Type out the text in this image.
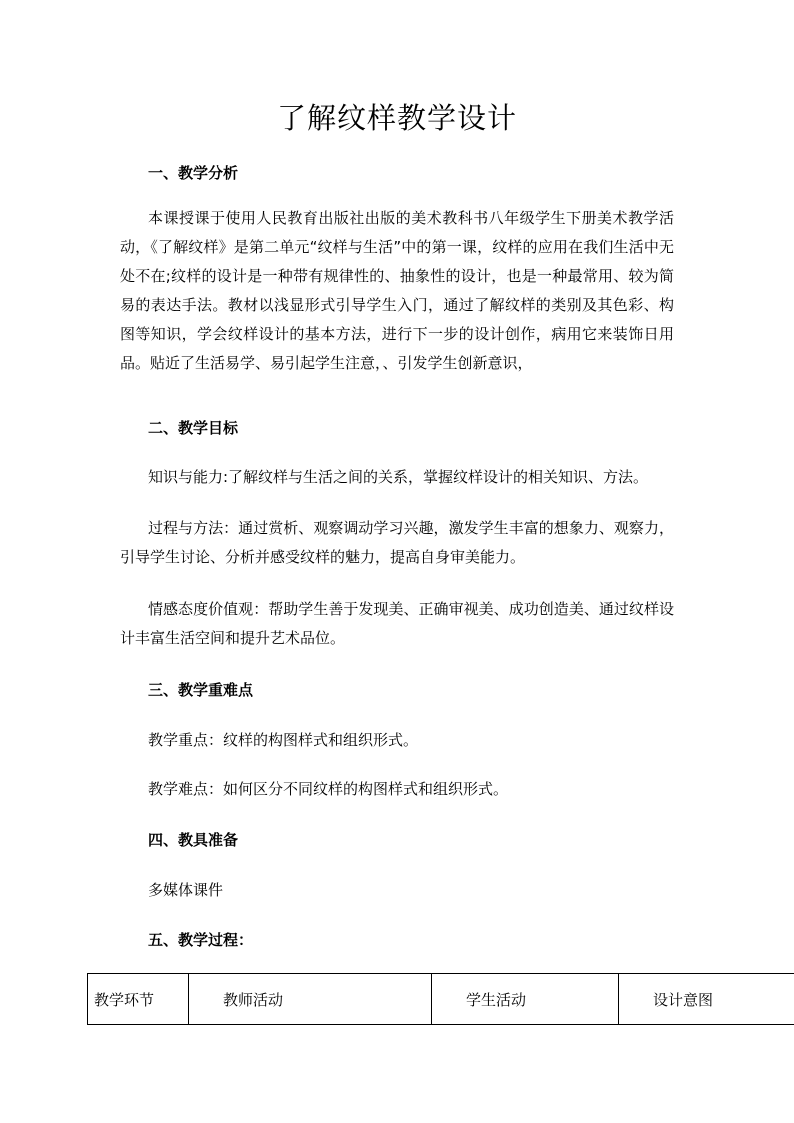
了解纹样教学设计
一、教学分析
本课授课于使用人民教育出版社出版的美术教科书八年级学生下册美术教学活动，《了解纹样》是第二单元“纹样与生活”中的第一课，纹样的应用在我们生活中无处不在;纹样的设计是一种带有规律性的、抽象性的设计，也是一种最常用、较为简易的表达手法。教材以浅显形式引导学生入门，通过了解纹样的类别及其色彩、构图等知识，学会纹样设计的基本方法，进行下一步的设计创作，病用它来装饰日用品。贴近了生活易学、易引起学生注意，、引发学生创新意识，
二、教学目标
知识与能力:了解纹样与生活之间的关系，掌握纹样设计的相关知识、方法。
过程与方法：通过赏析、观察调动学习兴趣，激发学生丰富的想象力、观察力，引导学生讨论、分析并感受纹样的魅力，提高自身审美能力。
情感态度价值观：帮助学生善于发现美、正确审视美、成功创造美、通过纹样设计丰富生活空间和提升艺术品位。
三、教学重难点
教学重点：纹样的构图样式和组织形式。
教学难点：如何区分不同纹样的构图样式和组织形式。
四、教具准备
多媒体课件
五、教学过程：
教学环节	教师活动	学生活动	设计意图
